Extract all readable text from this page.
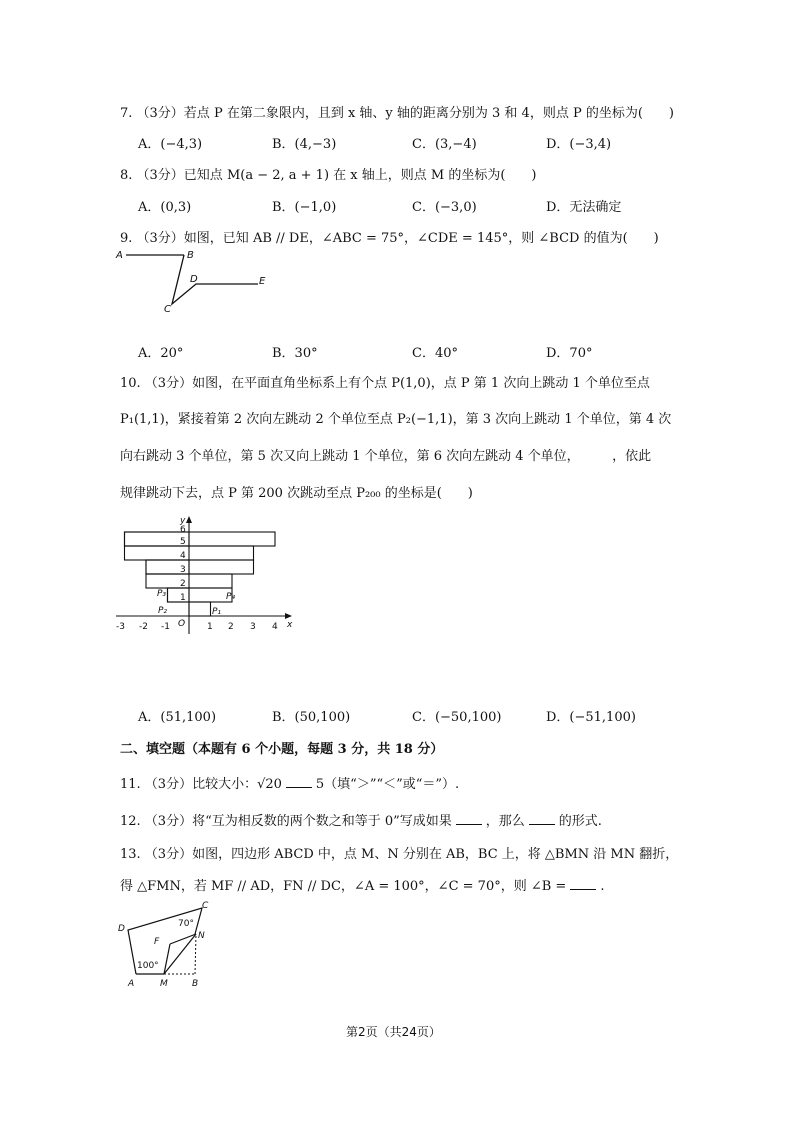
7. （3分）若点 P 在第二象限内，且到 x 轴、y 轴的距离分别为 3 和 4，则点 P 的坐标为(　　)
A．(−4,3)	B．(4,−3)	C．(3,−4)	D．(−3,4)
8. （3分）已知点 M(a − 2, a + 1) 在 x 轴上，则点 M 的坐标为(　　)
A．(0,3)	B．(−1,0)	C．(−3,0)	D．无法确定
9. （3分）如图，已知 AB // DE，∠ABC = 75°，∠CDE = 145°，则 ∠BCD 的值为(　　)
A	B
C
D	E
A．20°	B．30°	C．40°	D．70°
10. （3分）如图，在平面直角坐标系上有个点 P(1,0)，点 P 第 1 次向上跳动 1 个单位至点
P₁(1,1)，紧接着第 2 次向左跳动 2 个单位至点 P₂(−1,1)，第 3 次向上跳动 1 个单位，第 4 次
向右跳动 3 个单位，第 5 次又向上跳动 1 个单位，第 6 次向左跳动 4 个单位，　　　，依此
规律跳动下去，点 P 第 200 次跳动至点 P₂₀₀ 的坐标是(　　)
-3 -2 -1 O 1 2 3 4 x
y
1
2
3
4
5
6
P₁
P₂
P₃	P₄
A．(51,100)	B．(50,100)	C．(−50,100)	D．(−51,100)
二、填空题（本题有 6 个小题，每题 3 分，共 18 分）
11. （3分）比较大小：√20	5（填“＞”“＜”或“＝”）.
12. （3分）将“互为相反数的两个数之和等于 0”写成如果	，那么	的形式.
13. （3分）如图，四边形 ABCD 中，点 M、N 分别在 AB，BC 上，将 △BMN 沿 MN 翻折，
得 △FMN，若 MF // AD，FN // DC，∠A = 100°，∠C = 70°，则 ∠B =	.
A	B
C
D
F
M
N
100°
70°
第2页（共24页）
